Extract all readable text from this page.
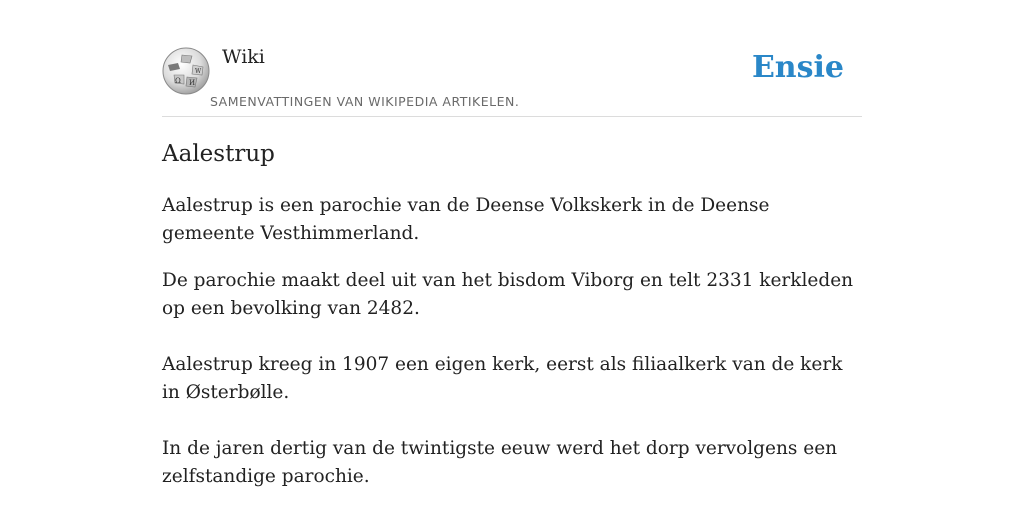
Ω И
W
Wiki
SAMENVATTINGEN VAN WIKIPEDIA ARTIKELEN.
Ensie
Aalestrup

Aalestrup is een parochie van de Deense Volkskerk in de Deense gemeente Vesthimmerland.

De parochie maakt deel uit van het bisdom Viborg en telt 2331 kerkleden op een bevolking van 2482.

Aalestrup kreeg in 1907 een eigen kerk, eerst als filiaalkerk van de kerk in Østerbølle.

In de jaren dertig van de twintigste eeuw werd het dorp vervolgens een zelfstandige parochie.
